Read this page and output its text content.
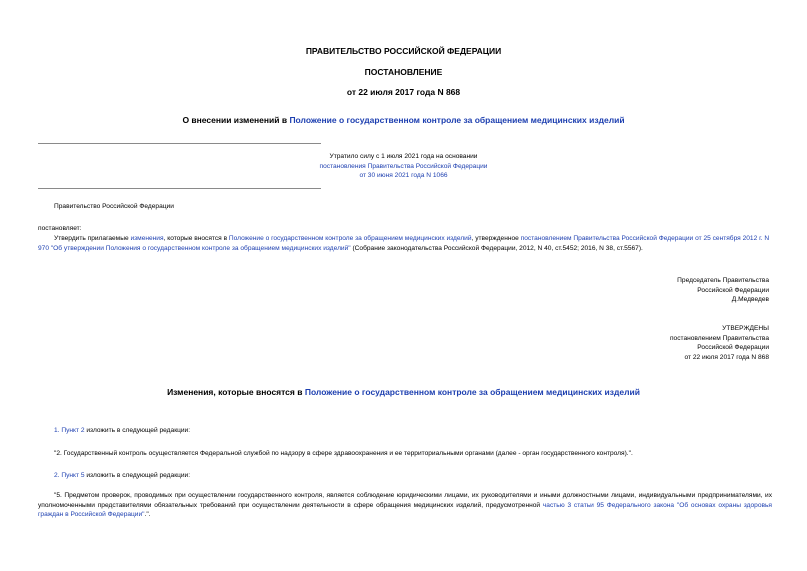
ПРАВИТЕЛЬСТВО РОССИЙСКОЙ ФЕДЕРАЦИИ
ПОСТАНОВЛЕНИЕ
от 22 июля 2017 года N 868
О внесении изменений в Положение о государственном контроле за обращением медицинских изделий

Утратило силу с 1 июля 2021 года на основании

постановления Правительства Российской Федерации

от 30 июня 2021 года N 1066

Правительство Российской Федерации
постановляет:
Утвердить прилагаемые изменения, которые вносятся в Положение о государственном контроле за обращением медицинских изделий, утвержденное постановлением Правительства Российской Федерации от 25 сентября 2012 г. N 970 "Об утверждении Положения о государственном контроле за обращением медицинских изделий" (Собрание законодательства Российской Федерации, 2012, N 40, ст.5452; 2016, N 38, ст.5567).

Председатель Правительства

Российской Федерации

Д.Медведев

УТВЕРЖДЕНЫ

постановлением Правительства

Российской Федерации

от 22 июля 2017 года N 868

Изменения, которые вносятся в Положение о государственном контроле за обращением медицинских изделий
1. Пункт 2 изложить в следующей редакции:
"2. Государственный контроль осуществляется Федеральной службой по надзору в сфере здравоохранения и ее территориальными органами (далее - орган государственного контроля).".
2. Пункт 5 изложить в следующей редакции:
"5. Предметом проверок, проводимых при осуществлении государственного контроля, является соблюдение юридическими лицами, их руководителями и иными должностными лицами, индивидуальными предпринимателями, их уполномоченными представителями обязательных требований при осуществлении деятельности в сфере обращения медицинских изделий, предусмотренной частью 3 статьи 95 Федерального закона "Об основах охраны здоровья граждан в Российской Федерации".".
